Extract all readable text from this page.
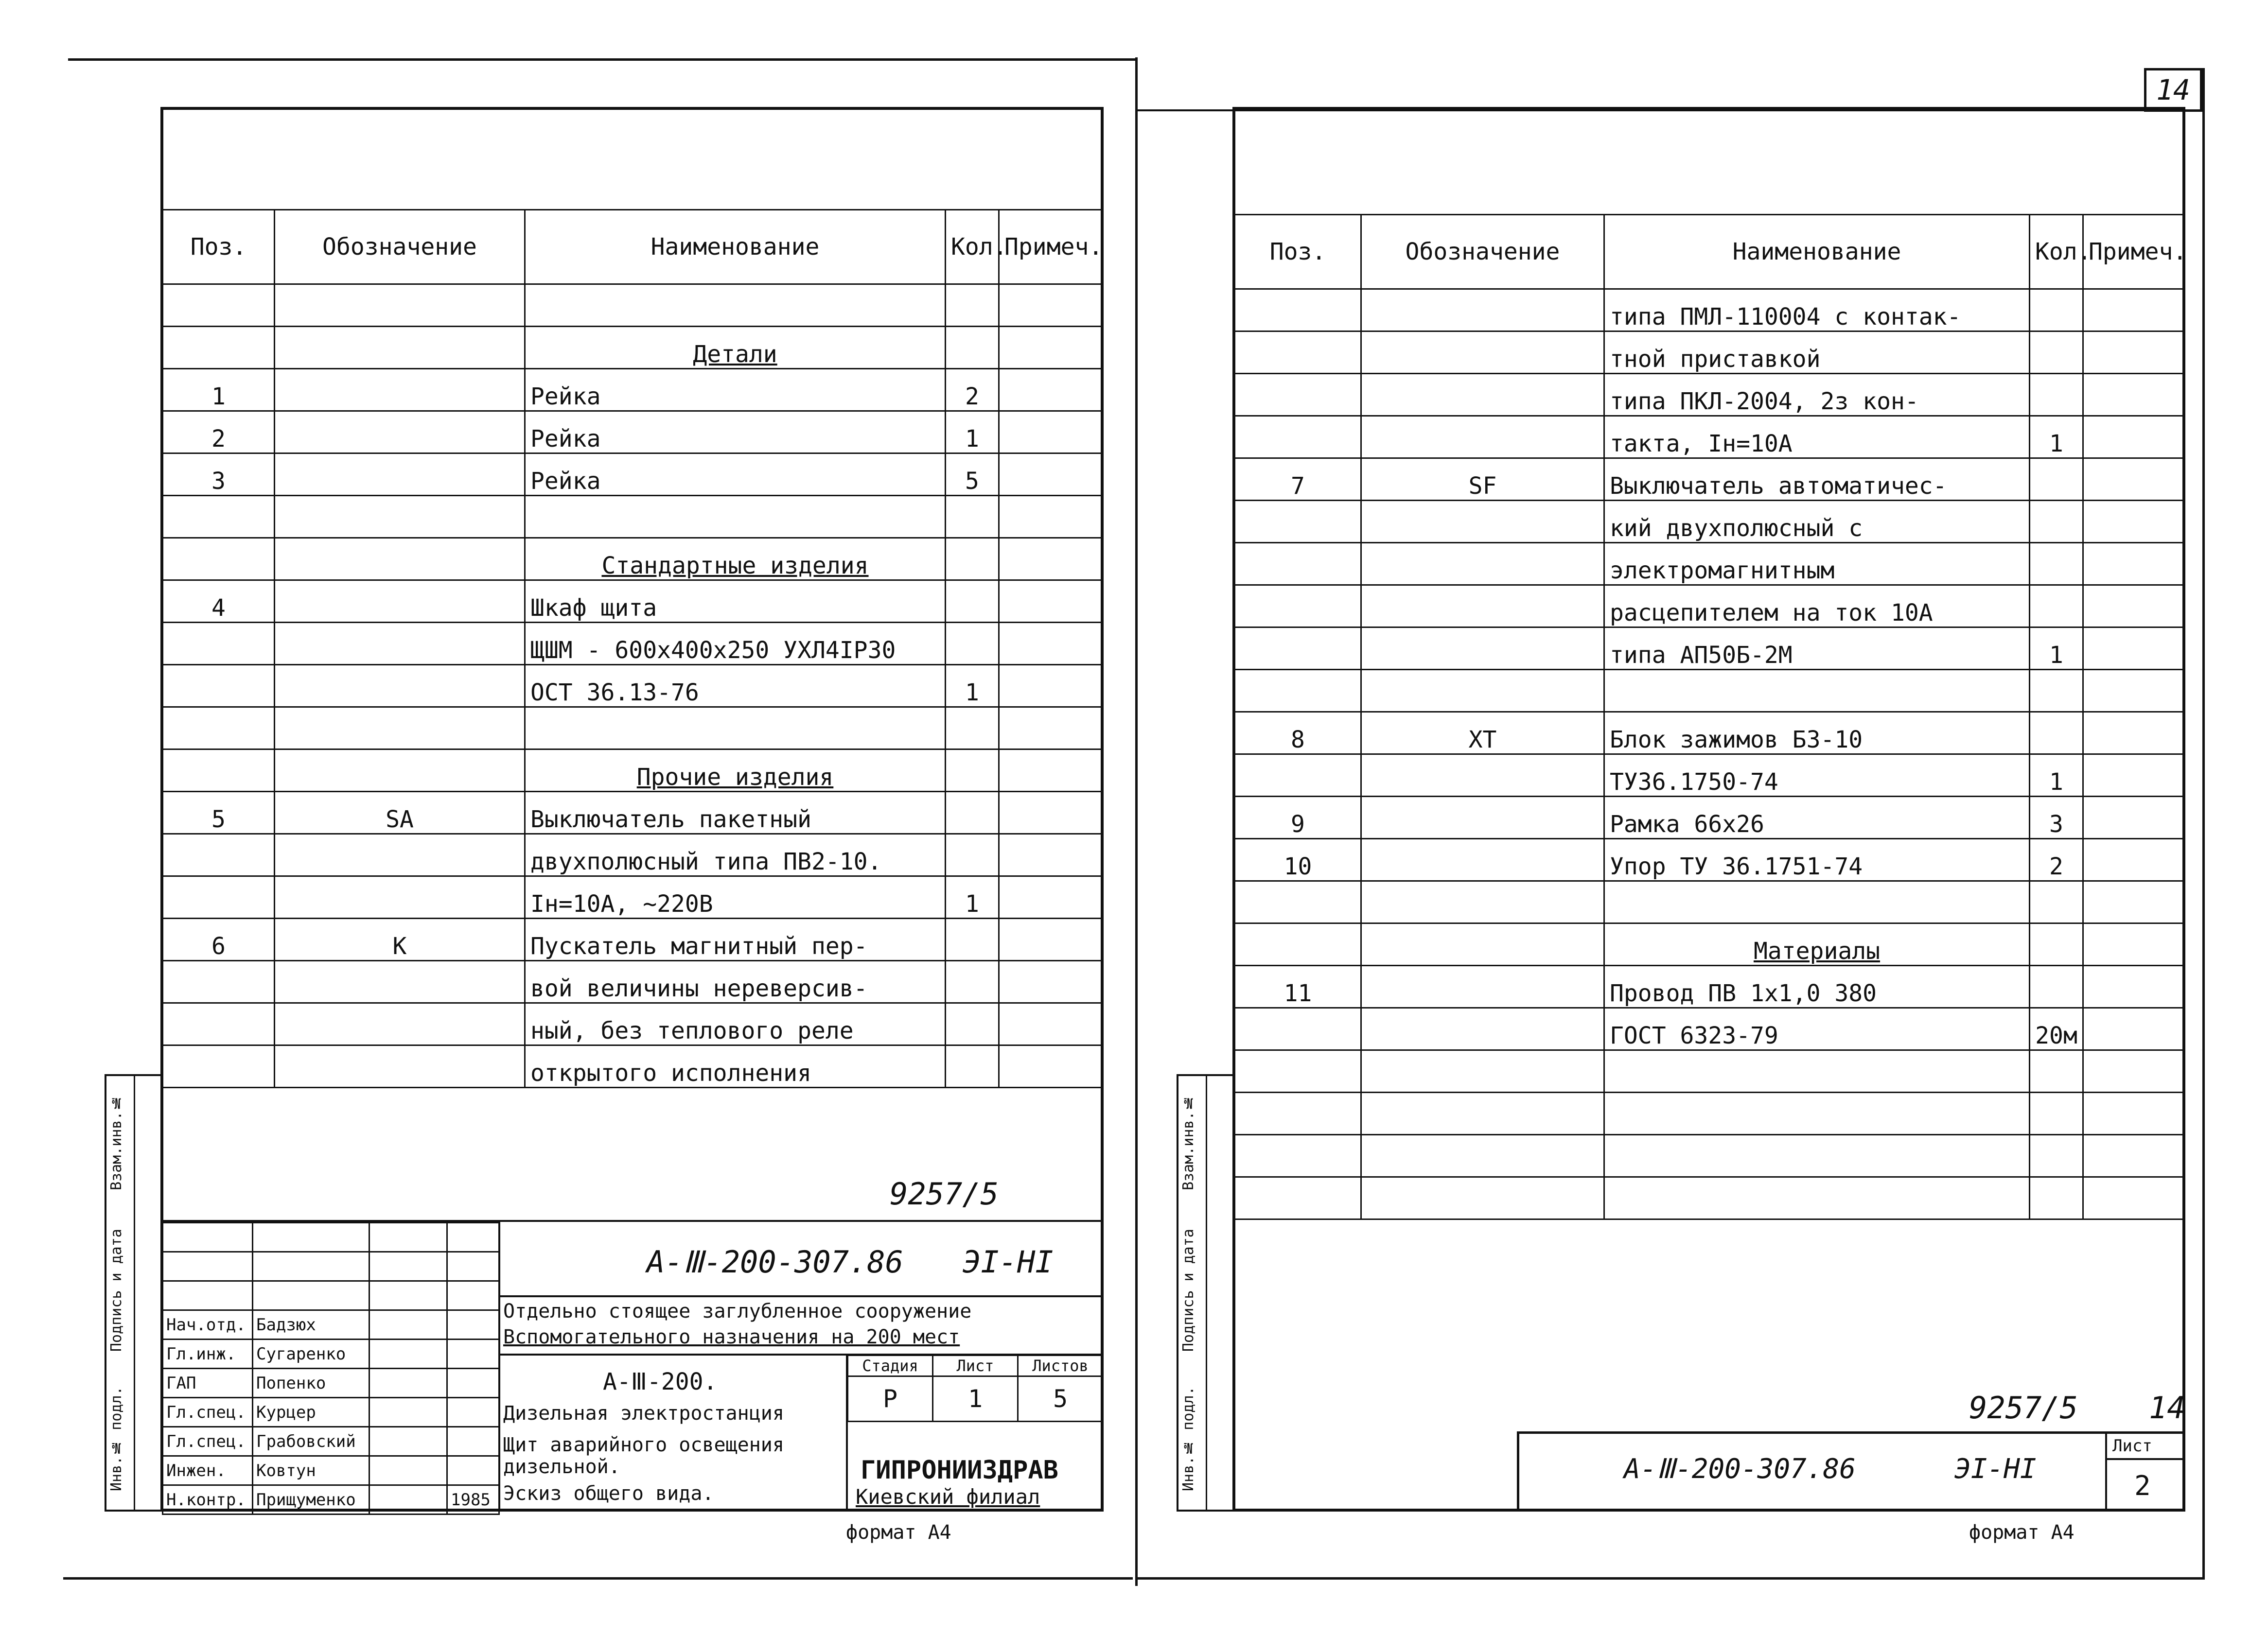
14
Поз.	Обозначение	Наименование	Кол.	Примеч.

		Детали		
1		Рейка	2	
2		Рейка	1	
3		Рейка	5	

		Стандартные изделия		
4		Шкаф щита		
		ЩШМ - 600х400х250 УХЛ4IP30		
		ОСТ 36.13-76	1	

		Прочие изделия		
5	SA	Выключатель пакетный		
		двухполюсный типа ПВ2-10.		
		Iн=10А, ~220В	1	
6	K	Пускатель магнитный пер-		
		вой величины нереверсив-		
		ный, без теплового реле		
		открытого исполнения		
Инв.№ подл.
Подпись и дата
Взам.инв.№
9257/5
А-Ⅲ-200-307.86 ЭI-HI

Нач.отд.	Бадзюх		
Гл.инж.	Сугаренко		
ГАП	Попенко		
Гл.спец.	Курцер		
Гл.спец.	Грабовский		
Инжен.	Ковтун		
Н.контр.	Прищуменко		1985
Отдельно стоящее заглубленное сооружение
Вспомогательного назначения на 200 мест
А-Ⅲ-200.
Дизельная электростанция
Щит аварийного освещения
дизельной.
Эскиз общего вида.
Стадия	Лист	Листов
Р	1	5
ГИПРОНИИЗДРАВ
Киевский филиал
формат А4
Поз.	Обозначение	Наименование	Кол.	Примеч.
		типа ПМЛ-110004 с контак-		
		тной приставкой		
		типа ПКЛ-2004, 2з кон-		
		такта, Iн=10А	1	
7	SF	Выключатель автоматичес-		
		кий двухполюсный с		
		электромагнитным		
		расцепителем на ток 10А		
		типа АП50Б-2М	1	

8	XT	Блок зажимов Б3-10		
		ТУ36.1750-74	1	
9		Рамка 66х26	3	
10		Упор ТУ 36.1751-74	2	

		Материалы		
11		Провод ПВ 1х1,0 380		
		ГОСТ 6323-79	20м	

Инв.№ подл.
Подпись и дата
Взам.инв.№
9257/5 14
Лист
2
А-Ⅲ-200-307.86	ЭI-HI
формат А4
